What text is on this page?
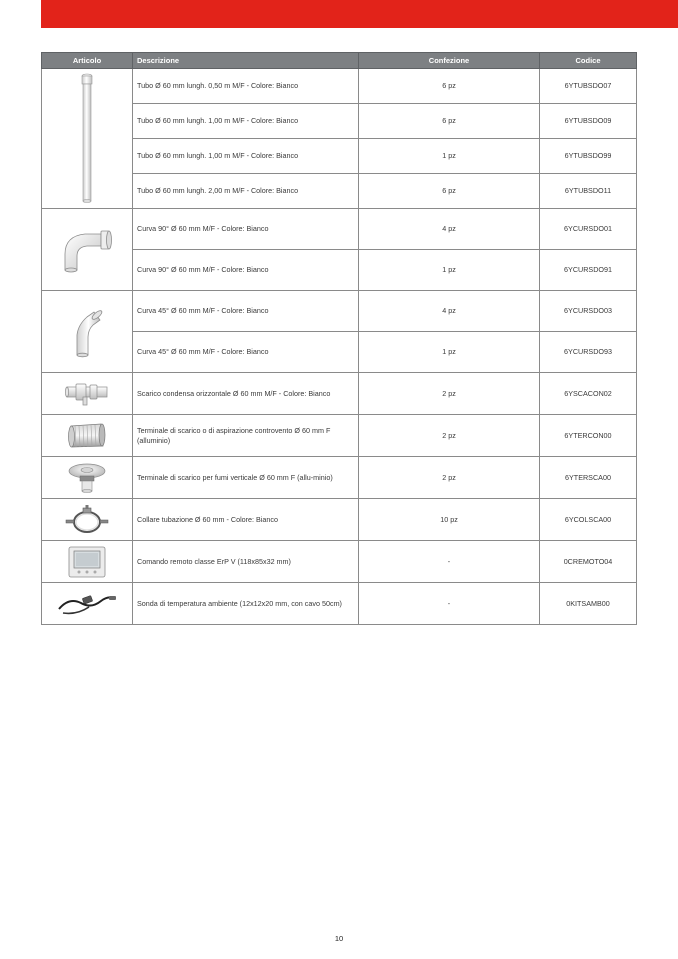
Articolo	Descrizione	Confezione	Codice

	Tubo Ø 60 mm lungh. 0,50 m M/F - Colore: Bianco	6 pz	6YTUBSDO07
	Tubo Ø 60 mm lungh. 1,00 m M/F - Colore: Bianco	6 pz	6YTUBSDO09
	Tubo Ø 60 mm lungh. 1,00 m M/F - Colore: Bianco	1 pz	6YTUBSDO99
	Tubo Ø 60 mm lungh. 2,00 m M/F - Colore: Bianco	6 pz	6YTUBSDO11

	Curva 90° Ø 60 mm M/F - Colore: Bianco	4 pz	6YCURSDO01
	Curva 90° Ø 60 mm M/F - Colore: Bianco	1 pz	6YCURSDO91

	Curva 45° Ø 60 mm M/F - Colore: Bianco	4 pz	6YCURSDO03
	Curva 45° Ø 60 mm M/F - Colore: Bianco	1 pz	6YCURSDO93

	Scarico condensa orizzontale Ø 60 mm M/F - Colore: Bianco	2 pz	6YSCACON02

	Terminale di scarico o di aspirazione controvento Ø 60 mm F (alluminio)	2 pz	6YTERCON00

	Terminale di scarico per fumi verticale Ø 60 mm F (allu-minio)	2 pz	6YTERSCA00

	Collare tubazione Ø 60 mm - Colore: Bianco	10 pz	6YCOLSCA00

	Comando remoto classe ErP V (118x85x32 mm)	-	0CREMOTO04

	Sonda di temperatura ambiente (12x12x20 mm, con cavo 50cm)	-	0KITSAMB00
10
